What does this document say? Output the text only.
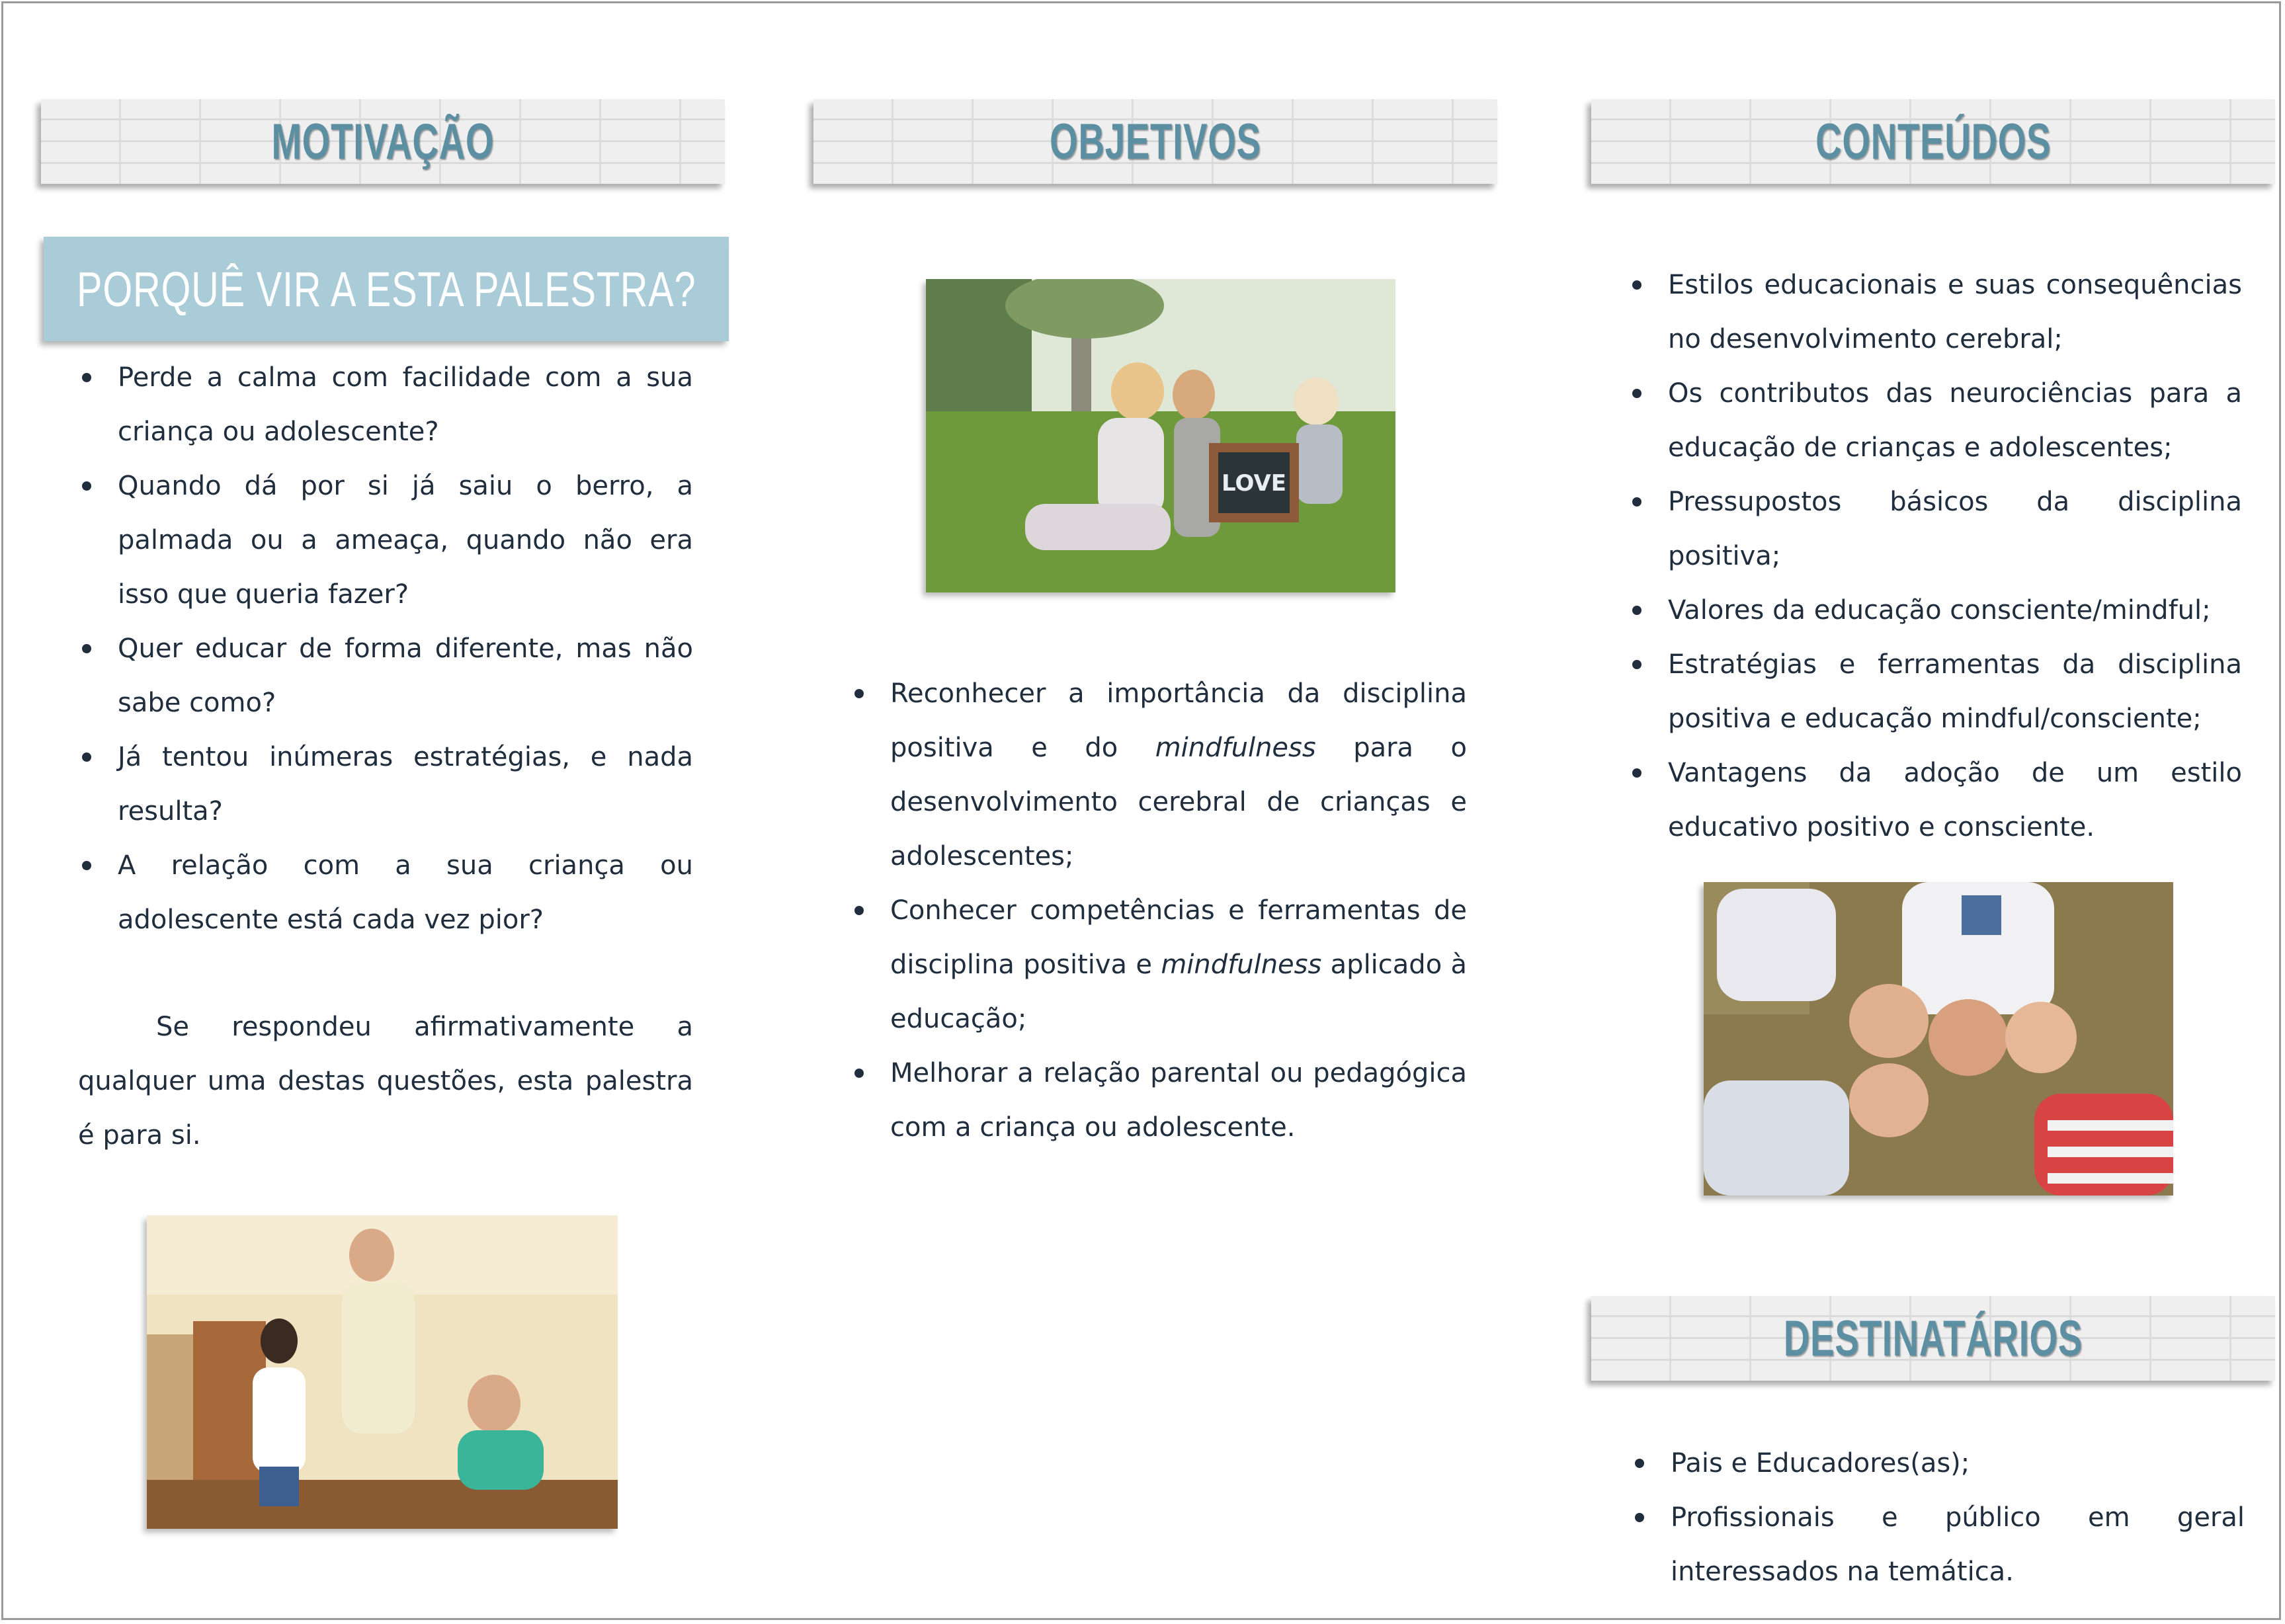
MOTIVAÇÃO
PORQUÊ VIR A ESTA PALESTRA?
Perde a calma com facilidade com a sua criança ou adolescente?
Quando dá por si já saiu o berro, a palmada ou a ameaça, quando não era isso que queria fazer?
Quer educar de forma diferente, mas não sabe como?
Já tentou inúmeras estratégias, e nada resulta?
A relação com a sua criança ou adolescente está cada vez pior?
Se respondeu afirmativamente a qualquer uma destas questões, esta palestra é para si.
OBJETIVOS
LOVE
Reconhecer a importância da disciplina positiva e do mindfulness para o desenvolvimento cerebral de crianças e adolescentes;
Conhecer competências e ferramentas de disciplina positiva e mindfulness aplicado à educação;
Melhorar a relação parental ou pedagógica com a criança ou adolescente.
CONTEÚDOS
Estilos educacionais e suas consequências no desenvolvimento cerebral;
Os contributos das neurociências para a educação de crianças e adolescentes;
Pressupostos básicos da disciplina positiva;
Valores da educação consciente/mindful;
Estratégias e ferramentas da disciplina positiva e educação mindful/consciente;
Vantagens da adoção de um estilo educativo positivo e consciente.
DESTINATÁRIOS
Pais e Educadores(as);
Profissionais e público em geral interessados na temática.
